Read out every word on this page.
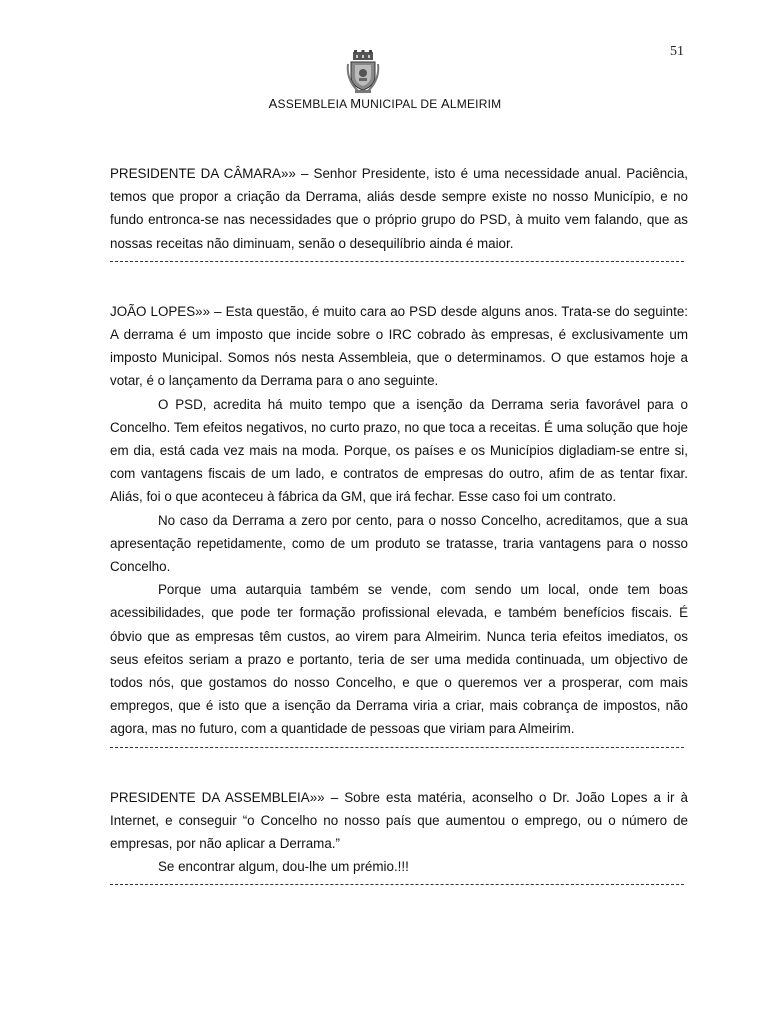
51
ASSEMBLEIA MUNICIPAL DE ALMEIRIM

PRESIDENTE DA CÂMARA»» – Senhor Presidente, isto é uma necessidade anual. Paciência, temos que propor a criação da Derrama, aliás desde sempre existe no nosso Município, e no fundo entronca-se nas necessidades que o próprio grupo do PSD, à muito vem falando, que as nossas receitas não diminuam, senão o desequilíbrio ainda é maior.

JOÃO LOPES»» – Esta questão, é muito cara ao PSD desde alguns anos. Trata-se do seguinte: A derrama é um imposto que incide sobre o IRC cobrado às empresas, é exclusivamente um imposto Municipal. Somos nós nesta Assembleia, que o determinamos. O que estamos hoje a votar, é o lançamento da Derrama para o ano seguinte.

O PSD, acredita há muito tempo que a isenção da Derrama seria favorável para o Concelho. Tem efeitos negativos, no curto prazo, no que toca a receitas. É uma solução que hoje em dia, está cada vez mais na moda. Porque, os países e os Municípios digladiam-se entre si, com vantagens fiscais de um lado, e contratos de empresas do outro, afim de as tentar fixar. Aliás, foi o que aconteceu à fábrica da GM, que irá fechar. Esse caso foi um contrato.

No caso da Derrama a zero por cento, para o nosso Concelho, acreditamos, que a sua apresentação repetidamente, como de um produto se tratasse, traria vantagens para o nosso Concelho.

Porque uma autarquia também se vende, com sendo um local, onde tem boas acessibilidades, que pode ter formação profissional elevada, e também benefícios fiscais. É óbvio que as empresas têm custos, ao virem para Almeirim. Nunca teria efeitos imediatos, os seus efeitos seriam a prazo e portanto, teria de ser uma medida continuada, um objectivo de todos nós, que gostamos do nosso Concelho, e que o queremos ver a prosperar, com mais empregos, que é isto que a isenção da Derrama viria a criar, mais cobrança de impostos, não agora, mas no futuro, com a quantidade de pessoas que viriam para Almeirim.

PRESIDENTE DA ASSEMBLEIA»» – Sobre esta matéria, aconselho o Dr. João Lopes a ir à Internet, e conseguir “o Concelho no nosso país que aumentou o emprego, ou o número de empresas, por não aplicar a Derrama.”

Se encontrar algum, dou-lhe um prémio.!!!
